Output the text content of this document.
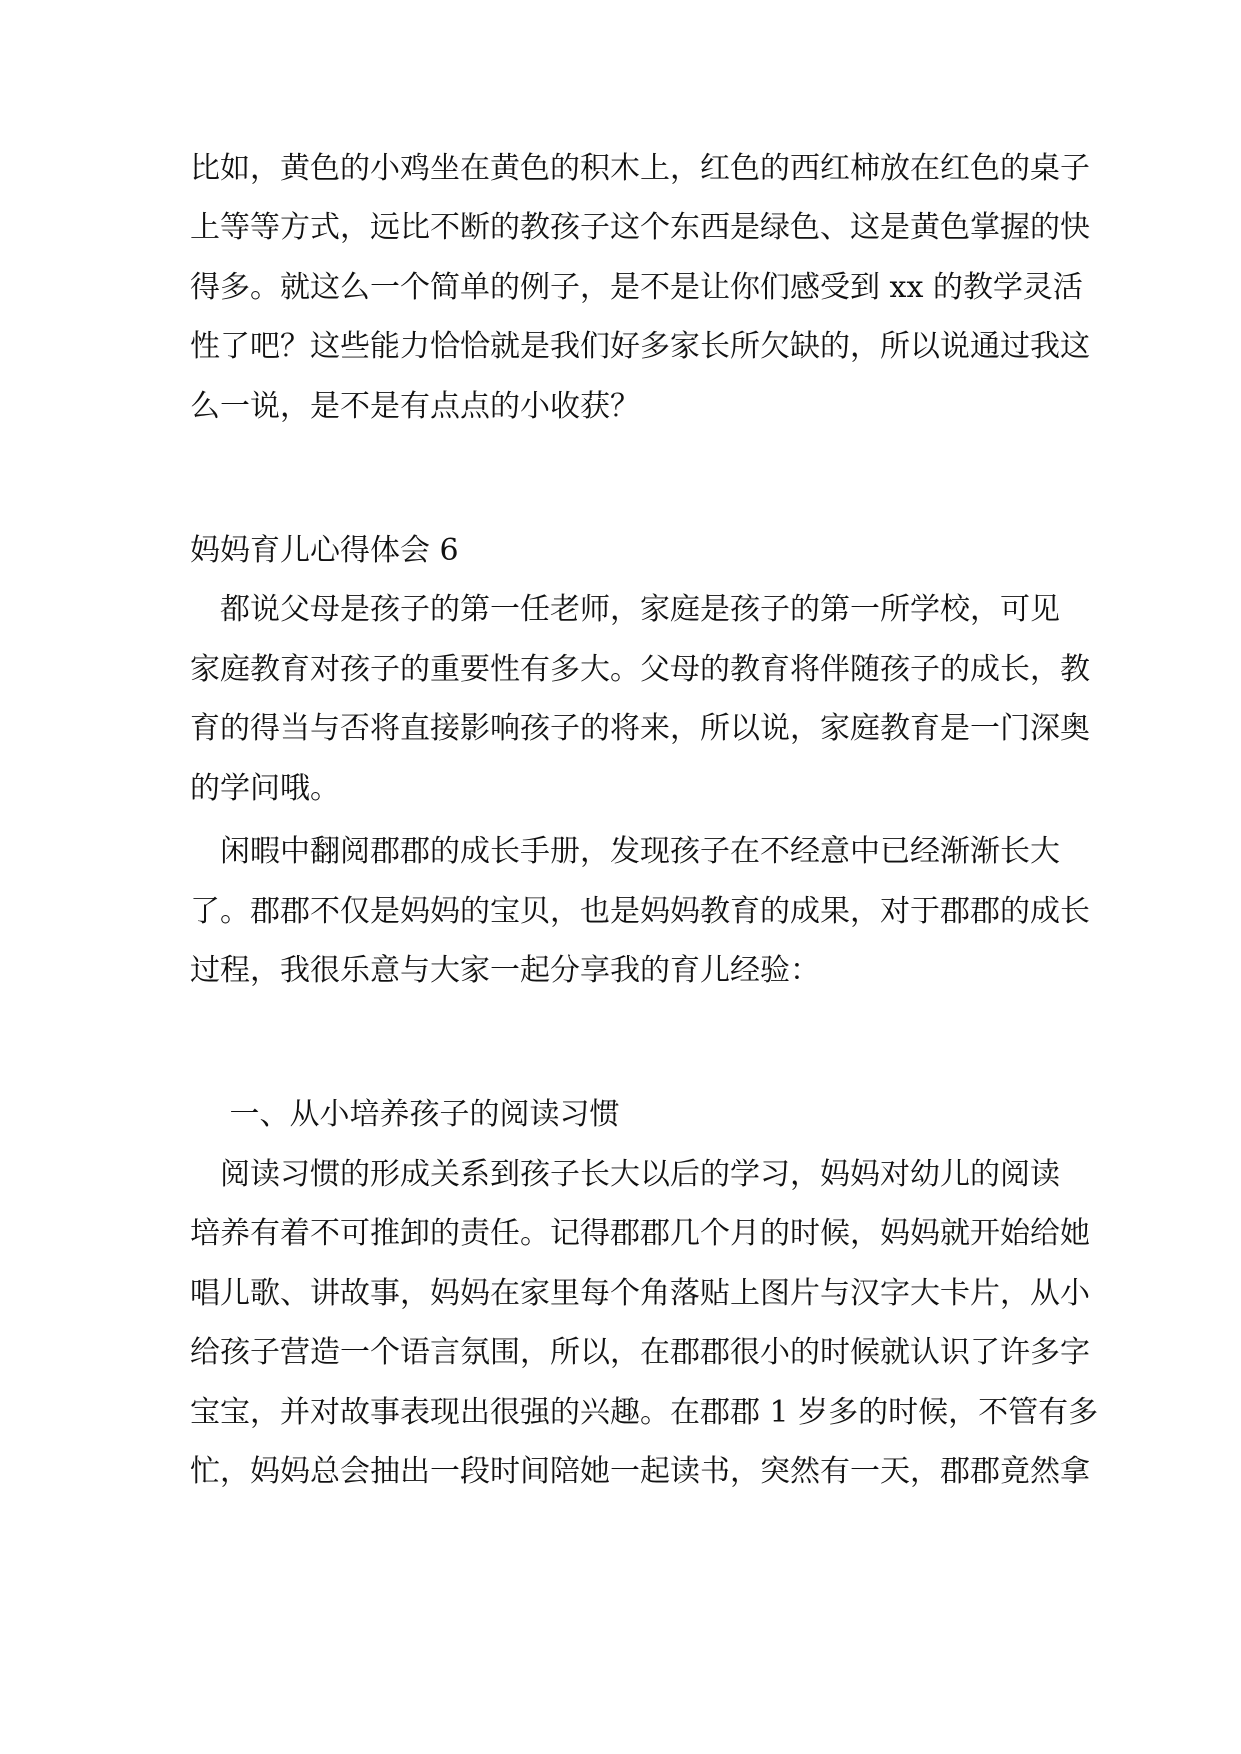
比如，黄色的小鸡坐在黄色的积木上，红色的西红柿放在红色的桌子
上等等方式，远比不断的教孩子这个东西是绿色、这是黄色掌握的快
得多。就这么一个简单的例子，是不是让你们感受到 xx 的教学灵活
性了吧？这些能力恰恰就是我们好多家长所欠缺的，所以说通过我这
么一说，是不是有点点的小收获？
妈妈育儿心得体会 6
　都说父母是孩子的第一任老师，家庭是孩子的第一所学校，可见
家庭教育对孩子的重要性有多大。父母的教育将伴随孩子的成长，教
育的得当与否将直接影响孩子的将来，所以说，家庭教育是一门深奥
的学问哦。
　闲暇中翻阅郡郡的成长手册，发现孩子在不经意中已经渐渐长大
了。郡郡不仅是妈妈的宝贝，也是妈妈教育的成果，对于郡郡的成长
过程，我很乐意与大家一起分享我的育儿经验：
　 一、从小培养孩子的阅读习惯
　阅读习惯的形成关系到孩子长大以后的学习，妈妈对幼儿的阅读
培养有着不可推卸的责任。记得郡郡几个月的时候，妈妈就开始给她
唱儿歌、讲故事，妈妈在家里每个角落贴上图片与汉字大卡片，从小
给孩子营造一个语言氛围，所以，在郡郡很小的时候就认识了许多字
宝宝，并对故事表现出很强的兴趣。在郡郡 1 岁多的时候，不管有多
忙，妈妈总会抽出一段时间陪她一起读书，突然有一天，郡郡竟然拿
